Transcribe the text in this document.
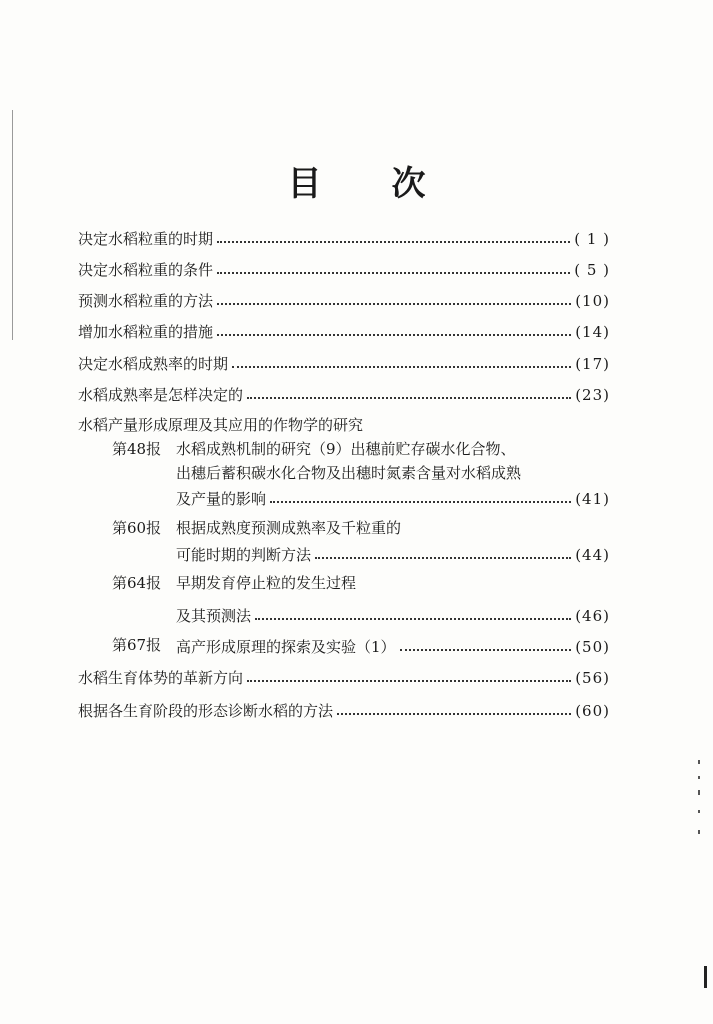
目 次
决定水稻粒重的时期	( 1 )
决定水稻粒重的条件	( 5 )
预测水稻粒重的方法	(10)
增加水稻粒重的措施	(14)
决定水稻成熟率的时期	(17)
水稻成熟率是怎样决定的	(23)
水稻产量形成原理及其应用的作物学的研究
第48报 水稻成熟机制的研究（9）出穗前贮存碳水化合物、
出穗后蓄积碳水化合物及出穗时氮素含量对水稻成熟
及产量的影响	(41)
第60报 根据成熟度预测成熟率及千粒重的
可能时期的判断方法	(44)
第64报 早期发育停止粒的发生过程
及其预测法	(46)
第67报 高产形成原理的探索及实验（1）	(50)
水稻生育体势的革新方向	(56)
根据各生育阶段的形态诊断水稻的方法	(60)
